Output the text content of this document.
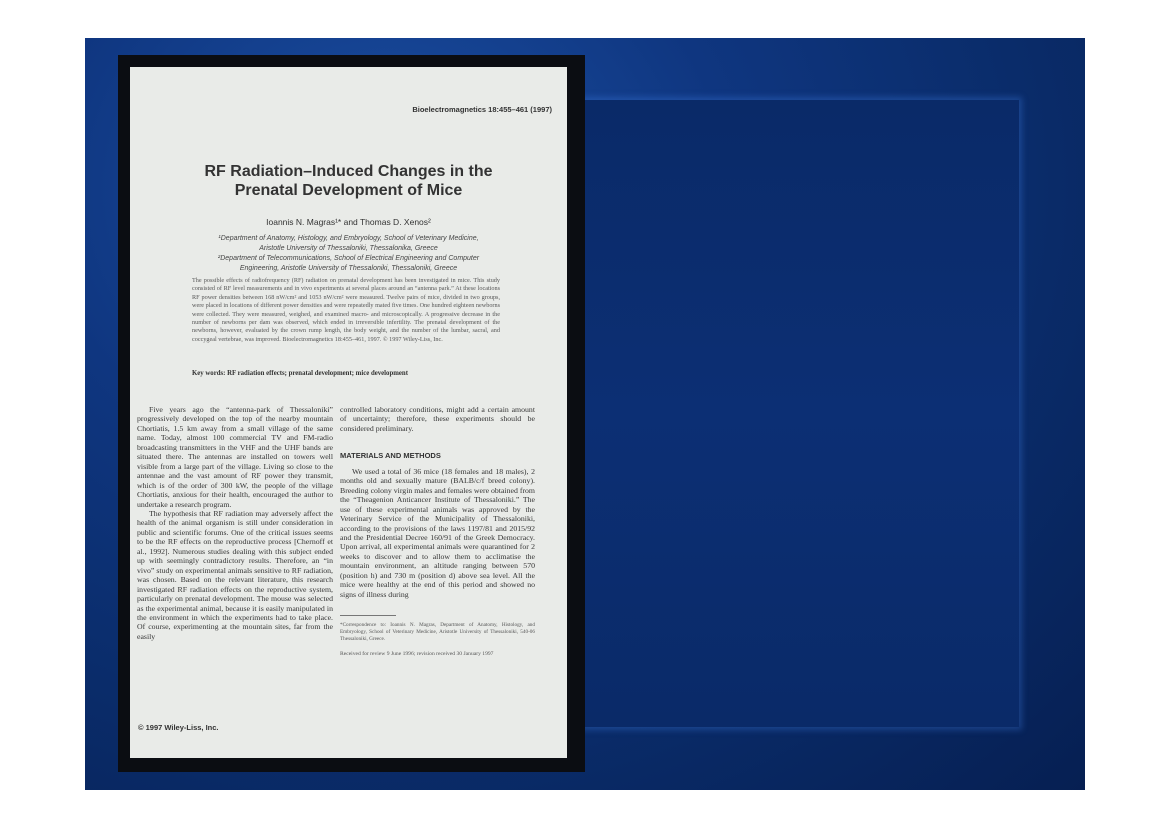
Bioelectromagnetics 18:455–461 (1997)
RF Radiation–Induced Changes in the
Prenatal Development of Mice
Ioannis N. Magras¹* and Thomas D. Xenos²
¹Department of Anatomy, Histology, and Embryology, School of Veterinary Medicine,
Aristotle University of Thessaloniki, Thessalonika, Greece
²Department of Telecommunications, School of Electrical Engineering and Computer
Engineering, Aristotle University of Thessaloniki, Thessaloniki, Greece
The possible effects of radiofrequency (RF) radiation on prenatal development has been investigated in mice. This study consisted of RF level measurements and in vivo experiments at several places around an “antenna park.” At these locations RF power densities between 168 nW/cm² and 1053 nW/cm² were measured. Twelve pairs of mice, divided in two groups, were placed in locations of different power densities and were repeatedly mated five times. One hundred eighteen newborns were collected. They were measured, weighed, and examined macro- and microscopically. A progressive decrease in the number of newborns per dam was observed, which ended in irreversible infertility. The prenatal development of the newborns, however, evaluated by the crown rump length, the body weight, and the number of the lumbar, sacral, and coccygeal vertebrae, was improved. Bioelectromagnetics 18:455–461, 1997. © 1997 Wiley-Liss, Inc.
Key words: RF radiation effects; prenatal development; mice development

Five years ago the “antenna-park of Thessaloniki” progressively developed on the top of the nearby mountain Chortiatis, 1.5 km away from a small village of the same name. Today, almost 100 commercial TV and FM-radio broadcasting transmitters in the VHF and the UHF bands are situated there. The antennas are installed on towers well visible from a large part of the village. Living so close to the antennae and the vast amount of RF power they transmit, which is of the order of 300 kW, the people of the village Chortiatis, anxious for their health, encouraged the author to undertake a research program.

The hypothesis that RF radiation may adversely affect the health of the animal organism is still under consideration in public and scientific forums. One of the critical issues seems to be the RF effects on the reproductive process [Chernoff et al., 1992]. Numerous studies dealing with this subject ended up with seemingly contradictory results. Therefore, an “in vivo” study on experimental animals sensitive to RF radiation, was chosen. Based on the relevant literature, this research investigated RF radiation effects on the reproductive system, particularly on prenatal development. The mouse was selected as the experimental animal, because it is easily manipulated in the environment in which the experiments had to take place. Of course, experimenting at the mountain sites, far from the easily

controlled laboratory conditions, might add a certain amount of uncertainty; therefore, these experiments should be considered preliminary.

MATERIALS AND METHODS

We used a total of 36 mice (18 females and 18 males), 2 months old and sexually mature (BALB/c/f breed colony). Breeding colony virgin males and females were obtained from the “Theagenion Anticancer Institute of Thessaloniki.” The use of these experimental animals was approved by the Veterinary Service of the Municipality of Thessaloniki, according to the provisions of the laws 1197/81 and 2015/92 and the Presidential Decree 160/91 of the Greek Democracy. Upon arrival, all experimental animals were quarantined for 2 weeks to discover and to allow them to acclimatise the mountain environment, an altitude ranging between 570 (position h) and 730 m (position d) above sea level. All the mice were healthy at the end of this period and showed no signs of illness during

*Correspondence to: Ioannis N. Magras, Department of Anatomy, Histology, and Embryology, School of Veterinary Medicine, Aristotle University of Thessaloniki, 540-06 Thessaloniki, Greece.

Received for review 9 June 1996; revision received 30 January 1997

© 1997 Wiley-Liss, Inc.
